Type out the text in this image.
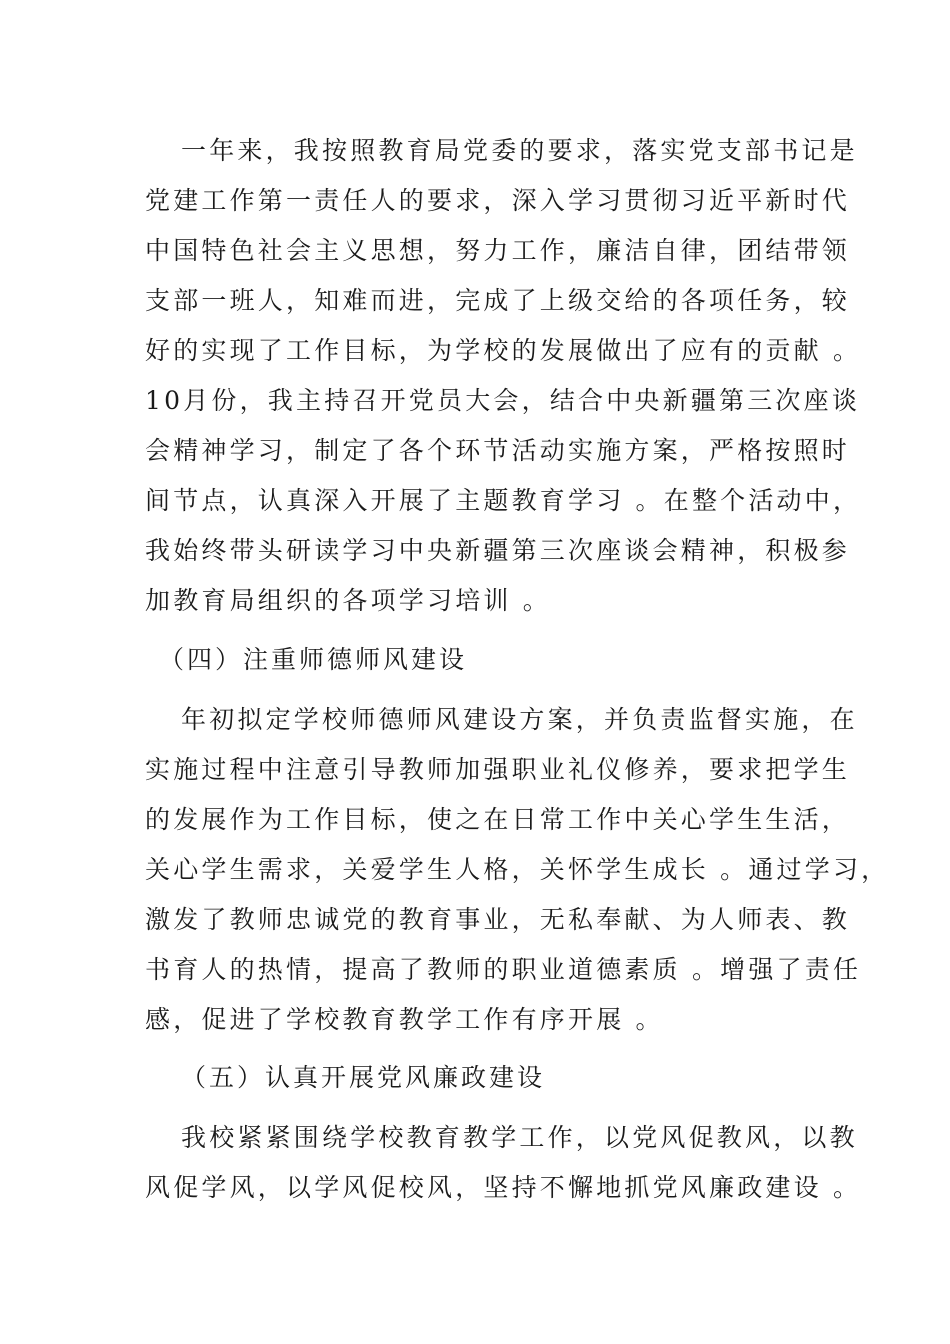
一年来，我按照教育局党委的要求，落实党支部书记是
党建工作第一责任人的要求，深入学习贯彻习近平新时代
中国特色社会主义思想，努力工作，廉洁自律，团结带领
支部一班人，知难而进，完成了上级交给的各项任务，较
好的实现了工作目标，为学校的发展做出了应有的贡献 。
10月份，我主持召开党员大会，结合中央新疆第三次座谈
会精神学习，制定了各个环节活动实施方案，严格按照时
间节点，认真深入开展了主题教育学习 。在整个活动中，
我始终带头研读学习中央新疆第三次座谈会精神，积极参
加教育局组织的各项学习培训 。
（四）注重师德师风建设
年初拟定学校师德师风建设方案，并负责监督实施，在
实施过程中注意引导教师加强职业礼仪修养，要求把学生
的发展作为工作目标，使之在日常工作中关心学生生活，
关心学生需求，关爱学生人格，关怀学生成长 。通过学习，
激发了教师忠诚党的教育事业，无私奉献、为人师表、教
书育人的热情，提高了教师的职业道德素质 。增强了责任
感，促进了学校教育教学工作有序开展 。
（五）认真开展党风廉政建设
我校紧紧围绕学校教育教学工作，以党风促教风，以教
风促学风，以学风促校风，坚持不懈地抓党风廉政建设 。
